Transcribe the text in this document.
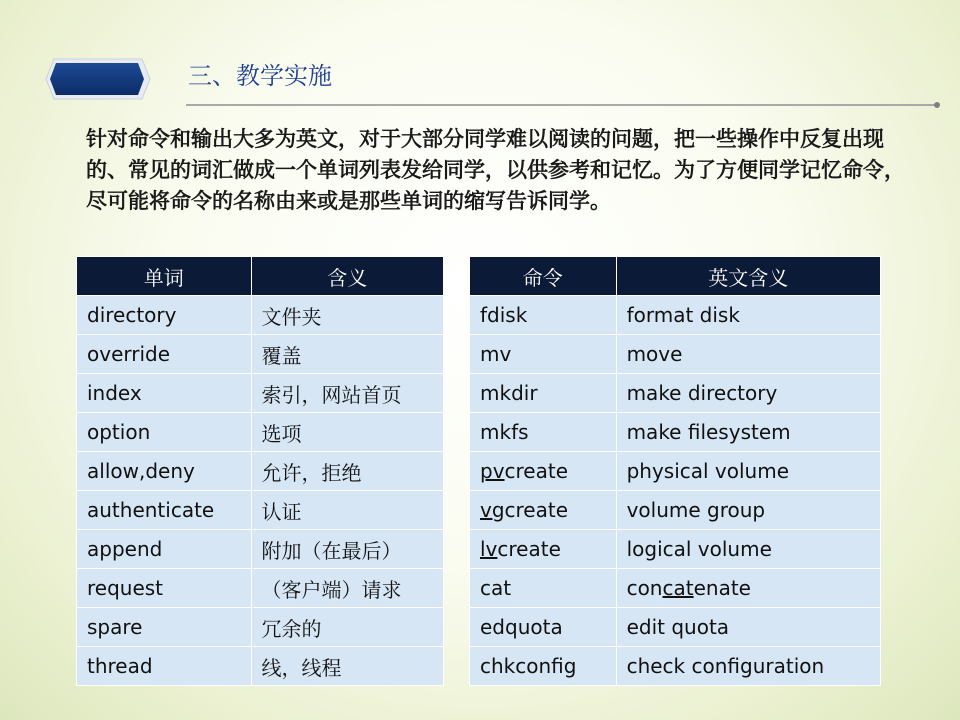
三、教学实施

针对命令和输出大多为英文，对于大部分同学难以阅读的问题，把一些操作中反复出现的、常见的词汇做成一个单词列表发给同学，以供参考和记忆。为了方便同学记忆命令，尽可能将命令的名称由来或是那些单词的缩写告诉同学。

单词	含义
directory	文件夹
override	覆盖
index	索引，网站首页
option	选项
allow,deny	允许，拒绝
authenticate	认证
append	附加（在最后）
request	（客户端）请求
spare	冗余的
thread	线，线程
命令	英文含义
fdisk	format disk
mv	move
mkdir	make directory
mkfs	make filesystem
pvcreate	physical volume
vgcreate	volume group
lvcreate	logical volume
cat	concatenate
edquota	edit quota
chkconfig	check configuration
